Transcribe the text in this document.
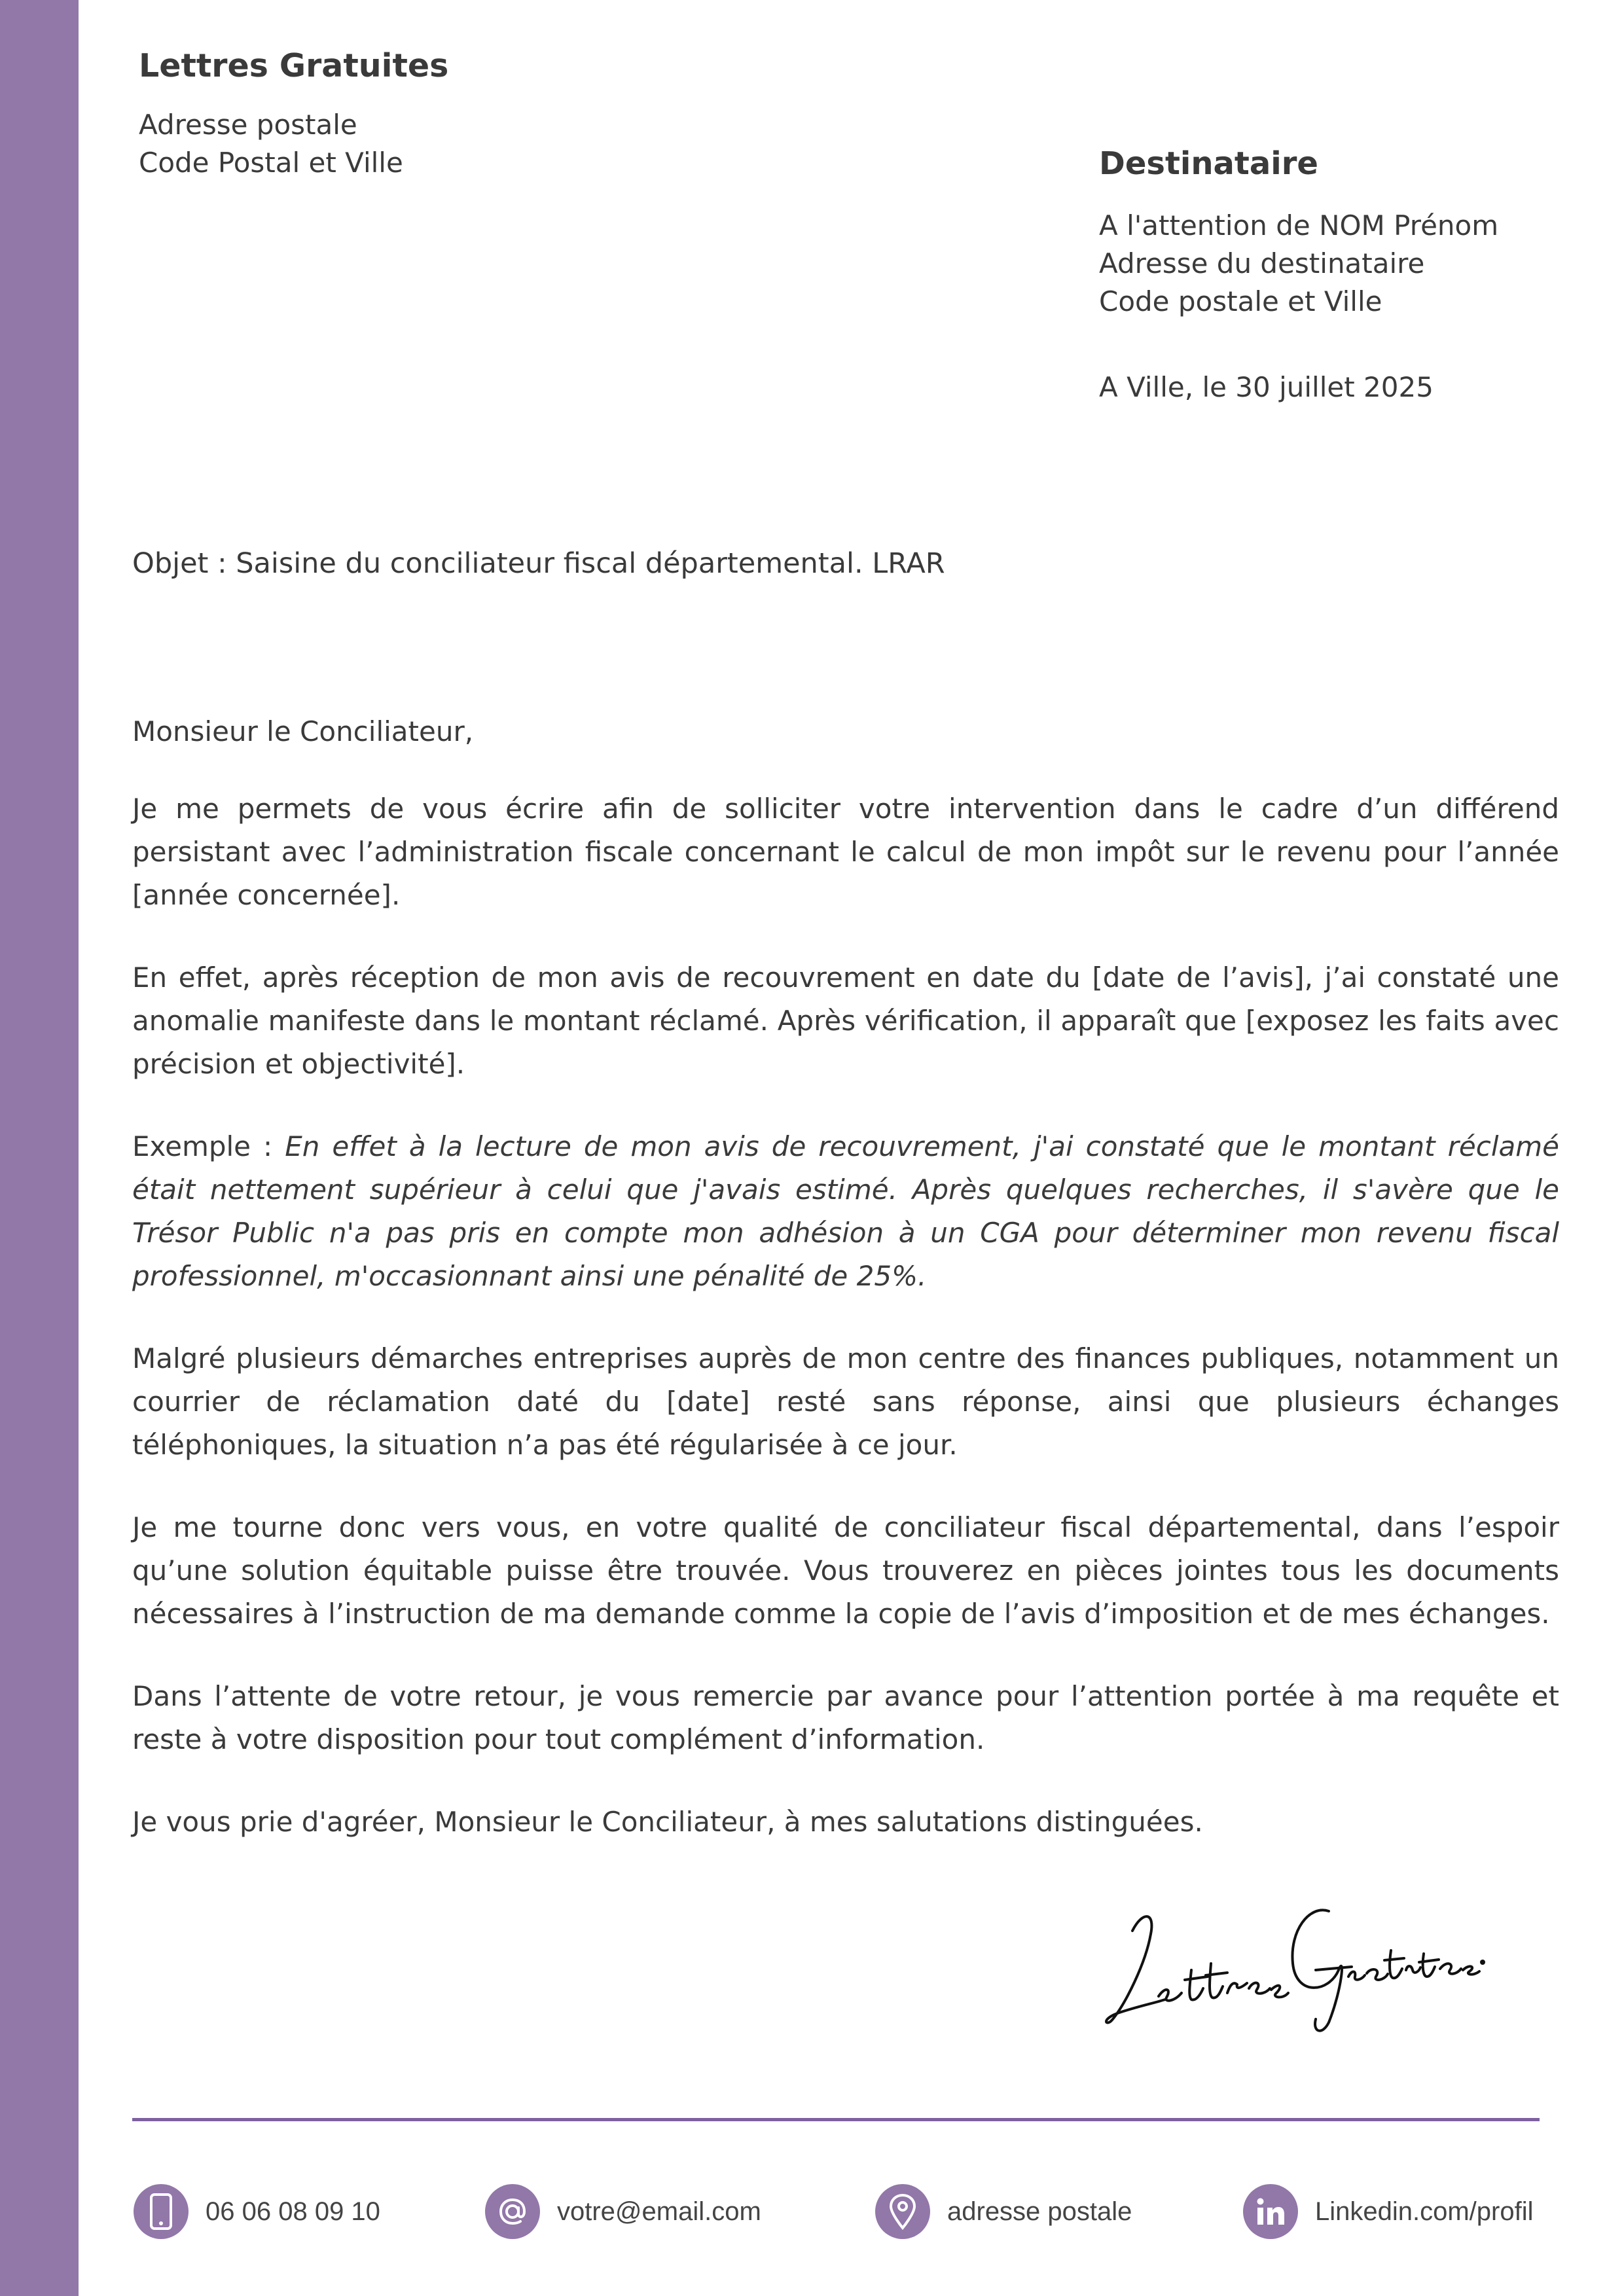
Lettres Gratuites
Adresse postale
Code Postal et Ville	Destinataire
A l'attention de NOM Prénom
Adresse du destinataire
Code postale et Ville
A Ville, le 30 juillet 2025
Objet : Saisine du conciliateur fiscal départemental. LRAR

Monsieur le Conciliateur,

Je me permets de vous écrire afin de solliciter votre intervention dans le cadre d’un différend persistant avec l’administration fiscale concernant le calcul de mon impôt sur le revenu pour l’année [année concernée].

En effet, après réception de mon avis de recouvrement en date du [date de l’avis], j’ai constaté une anomalie manifeste dans le montant réclamé. Après vérification, il apparaît que [exposez les faits avec précision et objectivité].

Exemple : En effet à la lecture de mon avis de recouvrement, j'ai constaté que le montant réclamé était nettement supérieur à celui que j'avais estimé. Après quelques recherches, il s'avère que le Trésor Public n'a pas pris en compte mon adhésion à un CGA pour déterminer mon revenu fiscal professionnel, m'occasionnant ainsi une pénalité de 25%.

Malgré plusieurs démarches entreprises auprès de mon centre des finances publiques, notamment un courrier de réclamation daté du [date] resté sans réponse, ainsi que plusieurs échanges téléphoniques, la situation n’a pas été régularisée à ce jour.

Je me tourne donc vers vous, en votre qualité de conciliateur fiscal départemental, dans l’espoir qu’une solution équitable puisse être trouvée. Vous trouverez en pièces jointes tous les documents nécessaires à l’instruction de ma demande comme la copie de l’avis d’imposition et de mes échanges.

Dans l’attente de votre retour, je vous remercie par avance pour l’attention portée à ma requête et reste à votre disposition pour tout complément d’information.

Je vous prie d'agréer, Monsieur le Conciliateur, à mes salutations distinguées.

06 06 08 09 10	votre@email.com	adresse postale	Linkedin.com/profil
